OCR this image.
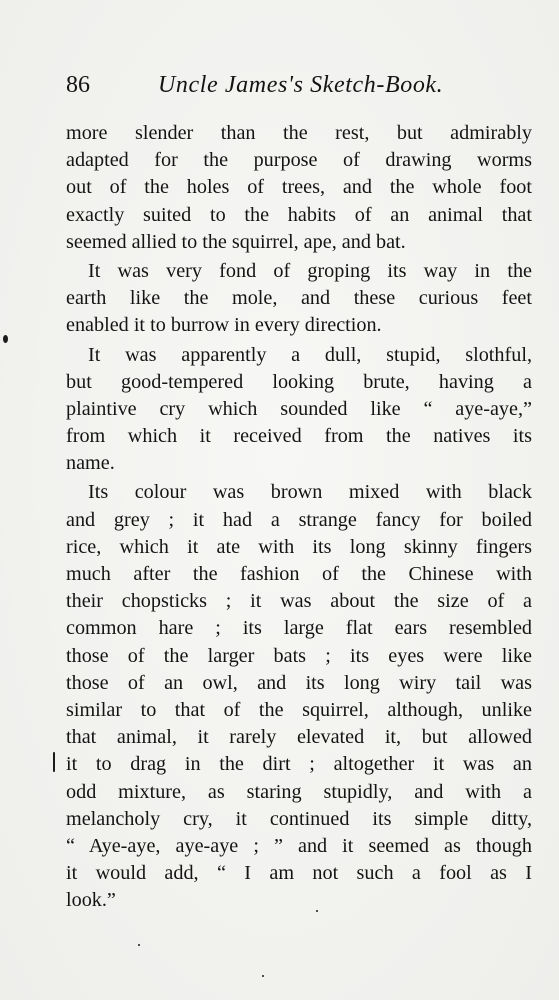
86	Uncle James's Sketch-Book.
more slender than the rest, but admirably
adapted for the purpose of drawing worms
out of the holes of trees, and the whole foot
exactly suited to the habits of an animal that
seemed allied to the squirrel, ape, and bat.
It was very fond of groping its way in the
earth like the mole, and these curious feet
enabled it to burrow in every direction.
It was apparently a dull, stupid, slothful,
but good-tempered looking brute, having a
plaintive cry which sounded like “ aye-aye,”
from which it received from the natives its
name.
Its colour was brown mixed with black
and grey ; it had a strange fancy for boiled
rice, which it ate with its long skinny fingers
much after the fashion of the Chinese with
their chopsticks ; it was about the size of a
common hare ; its large flat ears resembled
those of the larger bats ; its eyes were like
those of an owl, and its long wiry tail was
similar to that of the squirrel, although, unlike
that animal, it rarely elevated it, but allowed
it to drag in the dirt ; altogether it was an
odd mixture, as staring stupidly, and with a
melancholy cry, it continued its simple ditty,
“ Aye-aye, aye-aye ; ” and it seemed as though
it would add, “ I am not such a fool as I
look.”
